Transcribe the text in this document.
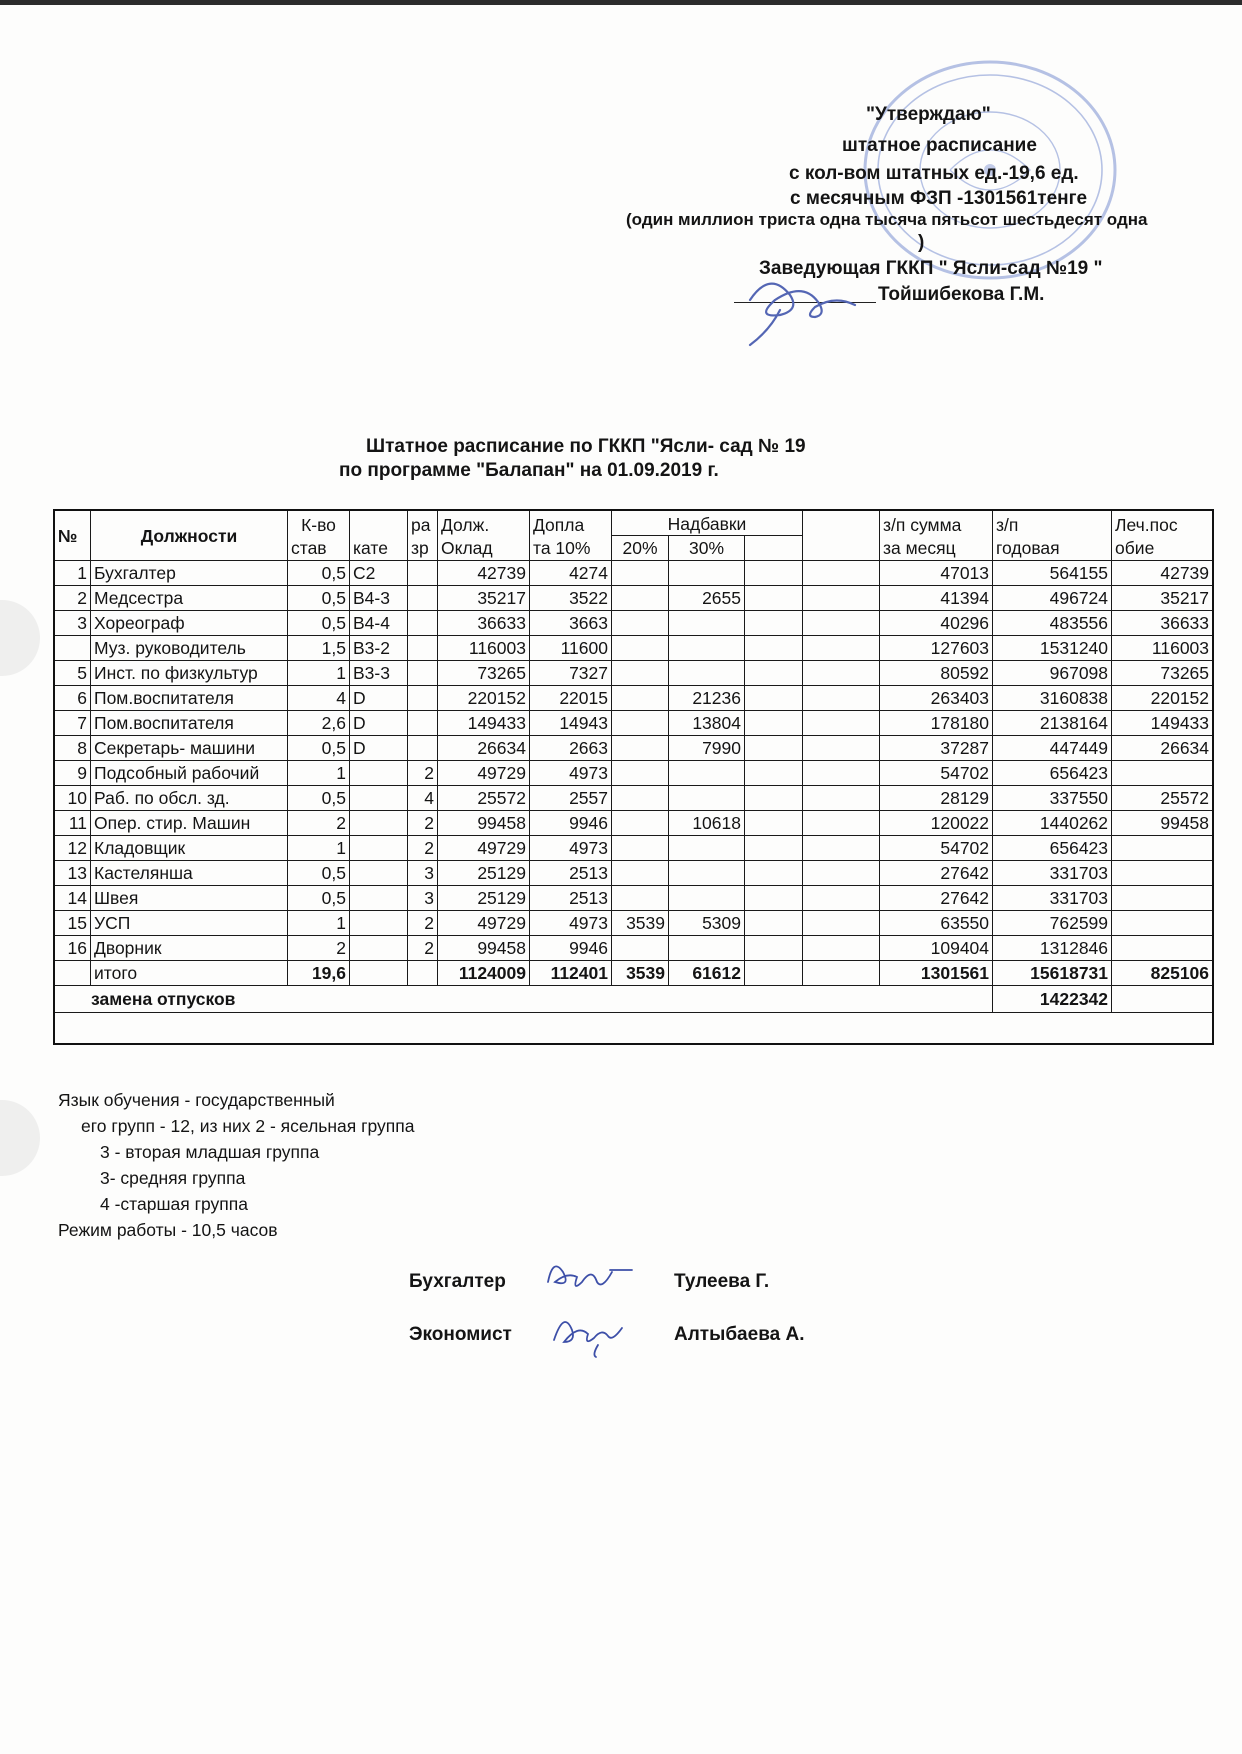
"Утверждаю"
штатное расписание
с кол-вом штатных ед.-19,6 ед.
с месячным ФЗП -1301561тенге
(один миллион триста одна тысяча пятьсот шестьдесят одна
)
Заведующая ГККП " Ясли-сад №19 "
Тойшибекова Г.М.
Штатное расписание по ГККП "Ясли- сад № 19
по программе "Балапан" на 01.09.2019 г.
№	Должности	К-во		ра	Долж.	Допла	Надбавки				з/п сумма	з/п	Леч.пос
		став	кате	зр	Оклад	та 10%	20%	30%			за месяц	годовая	обие
1	Бухгалтер	0,5	С2		42739	4274					47013	564155	42739
2	Медсестра	0,5	В4-3		35217	3522		2655			41394	496724	35217
3	Хореограф	0,5	В4-4		36633	3663					40296	483556	36633
	Муз. руководитель	1,5	В3-2		116003	11600					127603	1531240	116003
5	Инст. по физкультур	1	В3-3		73265	7327					80592	967098	73265
6	Пом.воспитателя	4	D		220152	22015		21236			263403	3160838	220152
7	Пом.воспитателя	2,6	D		149433	14943		13804			178180	2138164	149433
8	Секретарь- машини	0,5	D		26634	2663		7990			37287	447449	26634
9	Подсобный рабочий	1		2	49729	4973					54702	656423	
10	Раб. по обсл. зд.	0,5		4	25572	2557					28129	337550	25572
11	Опер. стир. Машин	2		2	99458	9946		10618			120022	1440262	99458
12	Кладовщик	1		2	49729	4973					54702	656423	
13	Кастелянша	0,5		3	25129	2513					27642	331703	
14	Швея	0,5		3	25129	2513					27642	331703	
15	УСП	1		2	49729	4973	3539	5309			63550	762599	
16	Дворник	2		2	99458	9946					109404	1312846	
	итого	19,6			1124009	112401	3539	61612			1301561	15618731	825106
замена отпусков												1422342	
Язык обучения - государственный
его групп - 12, из них 2 - ясельная группа
3 - вторая младшая группа
3- средняя группа
4 -старшая группа
Режим работы - 10,5 часов
Бухгалтер	Тулеева Г.
Экономист	Алтыбаева А.
